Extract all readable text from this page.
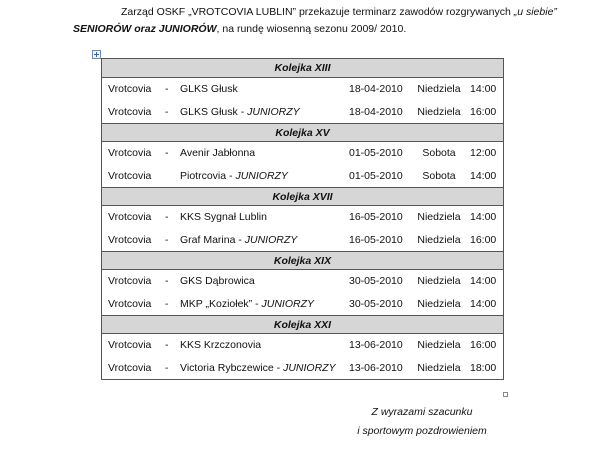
Zarząd OSKF „VROTCOVIA LUBLIN” przekazuje terminarz zawodów rozgrywanych „u siebie”
SENIORÓW oraz JUNIORÓW, na rundę wiosenną sezonu 2009/ 2010.
Kolejka XIII
Vrotcovia - GLKS Głusk	18-04-2010	Niedziela 14:00
Vrotcovia - GLKS Głusk - JUNIORZY	18-04-2010	Niedziela 16:00
Kolejka XV
Vrotcovia - Avenir Jabłonna	01-05-2010	Sobota	12:00
Vrotcovia	Piotrcovia - JUNIORZY	01-05-2010	Sobota	14:00
Kolejka XVII
Vrotcovia - KKS Sygnał Lublin	16-05-2010	Niedziela 14:00
Vrotcovia - Graf Marina - JUNIORZY	16-05-2010	Niedziela 16:00
Kolejka XIX
Vrotcovia - GKS Dąbrowica	30-05-2010	Niedziela 14:00
Vrotcovia - MKP „Koziołek” - JUNIORZY	30-05-2010	Niedziela 14:00
Kolejka XXI
Vrotcovia - KKS Krzczonovia	13-06-2010	Niedziela 16:00
Vrotcovia - Victoria Rybczewice - JUNIORZY 13-06-2010	Niedziela 18:00
Z wyrazami szacunku
i sportowym pozdrowieniem
